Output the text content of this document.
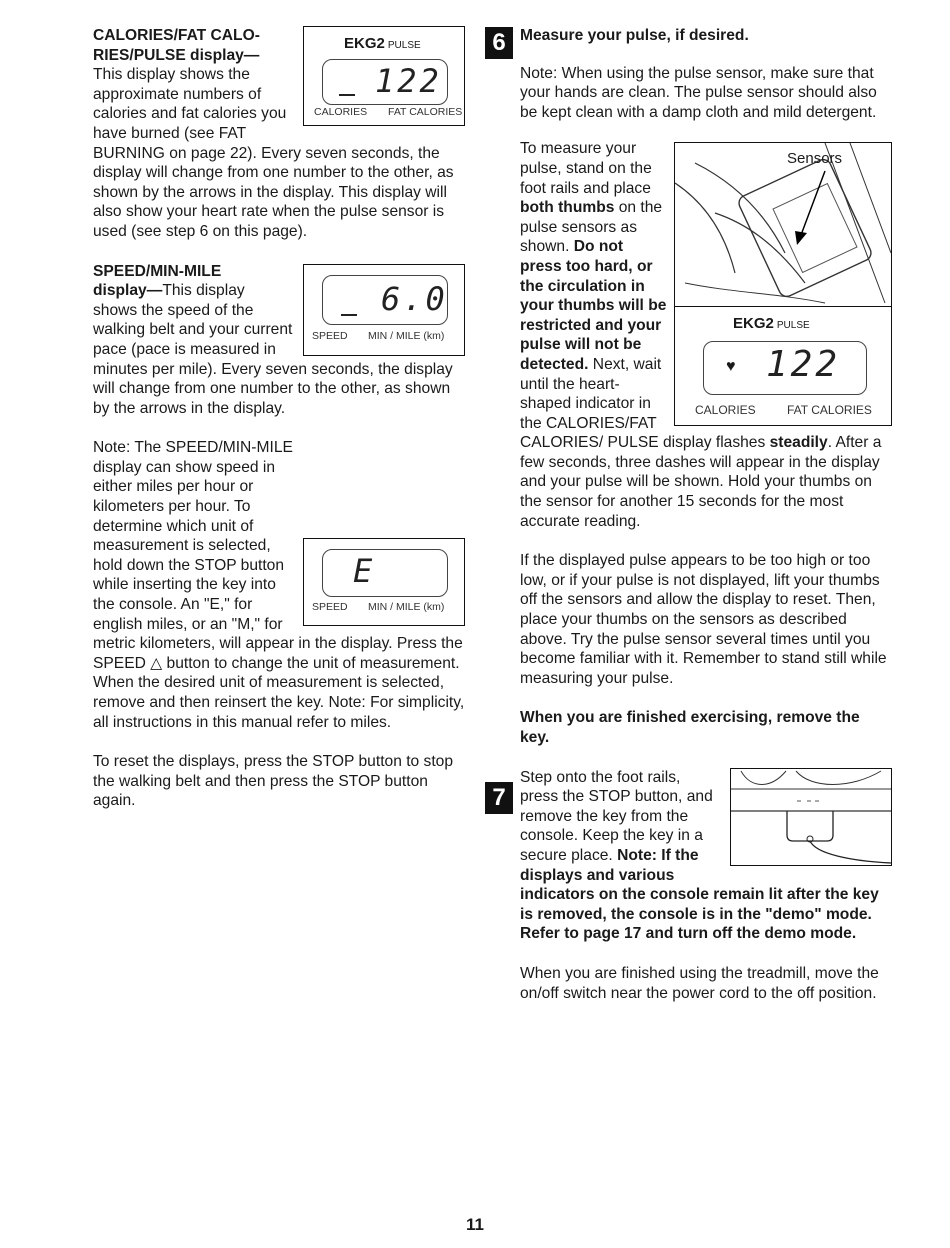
EKG2 PULSE
122
CALORIES FAT CALORIES

CALORIES/FAT CALO-

RIES/PULSE display—

This display shows the approximate numbers of calories and fat calories you have burned (see FAT BURNING on page 22). Every seven seconds, the display will change from one number to the other, as shown by the arrows in the display. This display will also show your heart rate when the pulse sensor is used (see step 6 on this page).

6.0
SPEED MIN / MILE (km)

SPEED/MIN-MILE

display—This display shows the speed of the walking belt and your current pace (pace is measured in minutes per mile). Every seven seconds, the display will change from one number to the other, as shown by the arrows in the display.

E
SPEED MIN / MILE (km)

Note: The SPEED/MIN-MILE display can show speed in either miles per hour or kilometers per hour. To determine which unit of measurement is selected, hold down the STOP button while inserting the key into the console. An "E," for english miles, or an "M," for metric kilometers, will appear in the display. Press the SPEED △ button to change the unit of measurement. When the desired unit of measurement is selected, remove and then reinsert the key. Note: For simplicity, all instructions in this manual refer to miles.

To reset the displays, press the STOP button to stop the walking belt and then press the STOP button again.

6
7

Measure your pulse, if desired.

Note: When using the pulse sensor, make sure that your hands are clean. The pulse sensor should also be kept clean with a damp cloth and mild detergent.

Sensors
EKG2 PULSE
♥ 122
CALORIES	FAT CALORIES

To measure your pulse, stand on the foot rails and place both thumbs on the pulse sensors as shown. Do not press too hard, or the circulation in your thumbs will be restricted and your pulse will not be detected. Next, wait until the heart-shaped indicator in the CALORIES/FAT CALORIES/ PULSE display flashes steadily. After a few seconds, three dashes will appear in the display and your pulse will be shown. Hold your thumbs on the sensor for another 15 seconds for the most accurate reading.

If the displayed pulse appears to be too high or too low, or if your pulse is not displayed, lift your thumbs off the sensors and allow the display to reset. Then, place your thumbs on the sensors as described above. Try the pulse sensor several times until you become familiar with it. Remember to stand still while measuring your pulse.

When you are finished exercising, remove the key.

Step onto the foot rails, press the STOP button, and remove the key from the console. Keep the key in a secure place. Note: If the displays and various indicators on the console remain lit after the key is removed, the console is in the "demo" mode. Refer to page 17 and turn off the demo mode.

When you are finished using the treadmill, move the on/off switch near the power cord to the off position.

11
